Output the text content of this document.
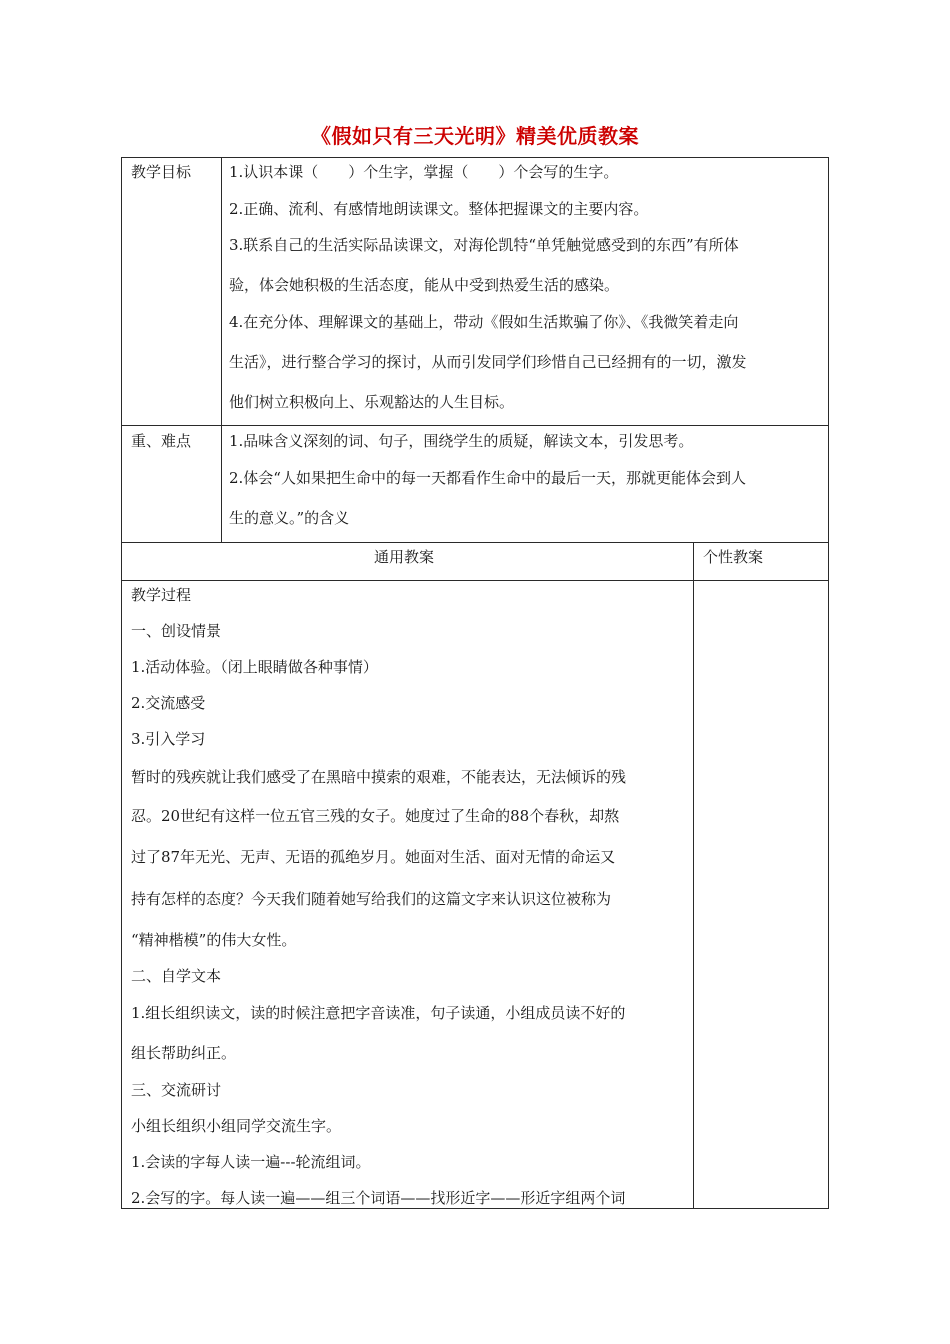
《假如只有三天光明》精美优质教案
教学目标	1.认识本课（　　）个生字，掌握（　　）个会写的生字。
2.正确、流利、有感情地朗读课文。整体把握课文的主要内容。
3.联系自己的生活实际品读课文，对海伦凯特“单凭触觉感受到的东西”有所体
验，体会她积极的生活态度，能从中受到热爱生活的感染。
4.在充分体、理解课文的基础上，带动《假如生活欺骗了你》、《我微笑着走向
生活》，进行整合学习的探讨，从而引发同学们珍惜自己已经拥有的一切，激发
他们树立积极向上、乐观豁达的人生目标。
重、难点	1.品味含义深刻的词、句子，围绕学生的质疑，解读文本，引发思考。
2.体会“人如果把生命中的每一天都看作生命中的最后一天，那就更能体会到人
生的意义。”的含义
通用教案	个性教案
教学过程
一、创设情景
1.活动体验。（闭上眼睛做各种事情）
2.交流感受
3.引入学习
暂时的残疾就让我们感受了在黑暗中摸索的艰难，不能表达，无法倾诉的残
忍。20世纪有这样一位五官三残的女子。她度过了生命的88个春秋，却熬
过了87年无光、无声、无语的孤绝岁月。她面对生活、面对无情的命运又
持有怎样的态度？今天我们随着她写给我们的这篇文字来认识这位被称为
“精神楷模”的伟大女性。
二、自学文本
1.组长组织读文，读的时候注意把字音读准，句子读通，小组成员读不好的
组长帮助纠正。
三、交流研讨
小组长组织小组同学交流生字。
1.会读的字每人读一遍---轮流组词。
2.会写的字。每人读一遍——组三个词语——找形近字——形近字组两个词
